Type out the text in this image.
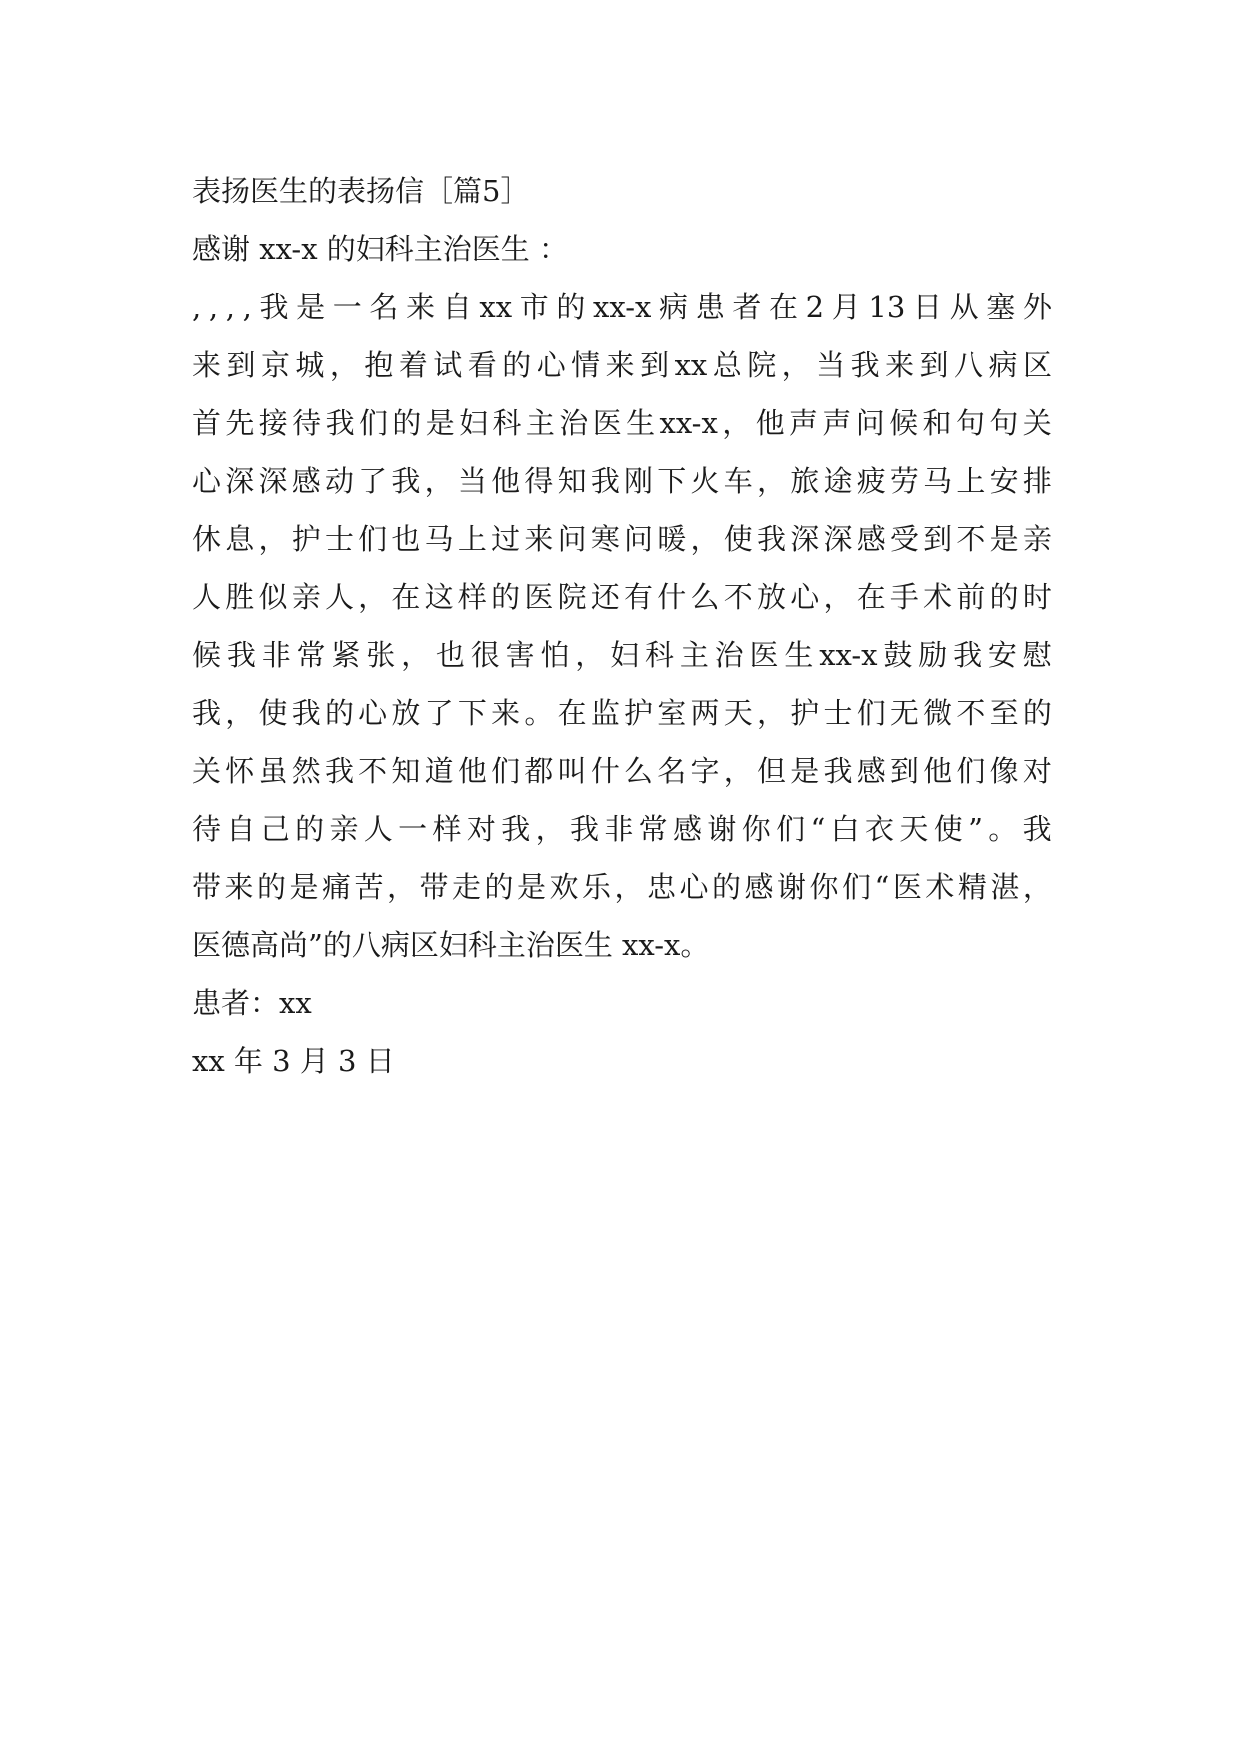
表扬医生的表扬信［篇5］
感谢 xx-x 的妇科主治医生 ：
, , , , 我 是 一 名 来 自 xx 市 的 xx-x 病 患 者 在 2 月 13 日 从 塞 外
来 到 京 城 ， 抱 着 试 看 的 心 情 来 到 xx 总 院 ， 当 我 来 到 八 病 区
首 先 接 待 我 们 的 是 妇 科 主 治 医 生 xx-x ， 他 声 声 问 候 和 句 句 关
心 深 深 感 动 了 我 ， 当 他 得 知 我 刚 下 火 车 ， 旅 途 疲 劳 马 上 安 排
休 息 ， 护 士 们 也 马 上 过 来 问 寒 问 暖 ， 使 我 深 深 感 受 到 不 是 亲
人 胜 似 亲 人 ， 在 这 样 的 医 院 还 有 什 么 不 放 心 ， 在 手 术 前 的 时
候 我 非 常 紧 张 ， 也 很 害 怕 ， 妇 科 主 治 医 生 xx-x 鼓 励 我 安 慰
我 ， 使 我 的 心 放 了 下 来 。 在 监 护 室 两 天 ， 护 士 们 无 微 不 至 的
关 怀 虽 然 我 不 知 道 他 们 都 叫 什 么 名 字 ， 但 是 我 感 到 他 们 像 对
待 自 己 的 亲 人 一 样 对 我 ， 我 非 常 感 谢 你 们 “ 白 衣 天 使 ” 。 我
带 来 的 是 痛 苦 ， 带 走 的 是 欢 乐 ， 忠 心 的 感 谢 你 们 “ 医 术 精 湛 ，
医德高尚”的八病区妇科主治医生 xx-x。
患者：xx
xx 年 3 月 3 日
